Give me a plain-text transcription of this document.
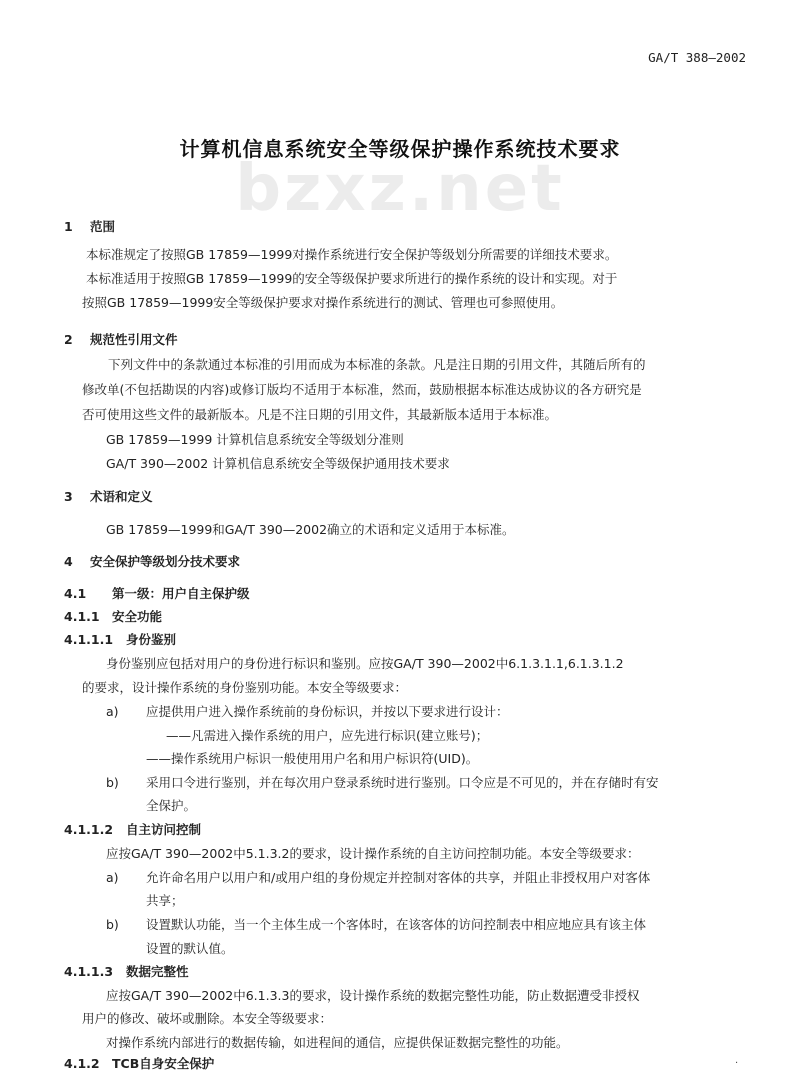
GA/T 388—2002
bzxz.net
计算机信息系统安全等级保护操作系统技术要求
1 范围
本标准规定了按照GB 17859—1999对操作系统进行安全保护等级划分所需要的详细技术要求。
本标准适用于按照GB 17859—1999的安全等级保护要求所进行的操作系统的设计和实现。对于
按照GB 17859—1999安全等级保护要求对操作系统进行的测试、管理也可参照使用。
2 规范性引用文件
下列文件中的条款通过本标准的引用而成为本标准的条款。凡是注日期的引用文件，其随后所有的
修改单(不包括勘误的内容)或修订版均不适用于本标准，然而，鼓励根据本标准达成协议的各方研究是
否可使用这些文件的最新版本。凡是不注日期的引用文件，其最新版本适用于本标准。
GB 17859—1999 计算机信息系统安全等级划分准则
GA/T 390—2002 计算机信息系统安全等级保护通用技术要求
3 术语和定义
GB 17859—1999和GA/T 390—2002确立的术语和定义适用于本标准。
4 安全保护等级划分技术要求
4.1 第一级：用户自主保护级
4.1.1 安全功能
4.1.1.1 身份鉴别
身份鉴别应包括对用户的身份进行标识和鉴别。应按GA/T 390—2002中6.1.3.1.1,6.1.3.1.2
的要求，设计操作系统的身份鉴别功能。本安全等级要求：
a) 应提供用户进入操作系统前的身份标识，并按以下要求进行设计：
——凡需进入操作系统的用户，应先进行标识(建立账号)；
——操作系统用户标识一般使用用户名和用户标识符(UID)。
b) 采用口令进行鉴别，并在每次用户登录系统时进行鉴别。口令应是不可见的，并在存储时有安
全保护。
4.1.1.2 自主访问控制
应按GA/T 390—2002中5.1.3.2的要求，设计操作系统的自主访问控制功能。本安全等级要求：
a) 允许命名用户以用户和/或用户组的身份规定并控制对客体的共享，并阻止非授权用户对客体
共享；
b) 设置默认功能，当一个主体生成一个客体时，在该客体的访问控制表中相应地应具有该主体
设置的默认值。
4.1.1.3 数据完整性
应按GA/T 390—2002中6.1.3.3的要求，设计操作系统的数据完整性功能，防止数据遭受非授权
用户的修改、破坏或删除。本安全等级要求：
对操作系统内部进行的数据传输，如进程间的通信，应提供保证数据完整性的功能。
4.1.2 TCB自身安全保护	·
